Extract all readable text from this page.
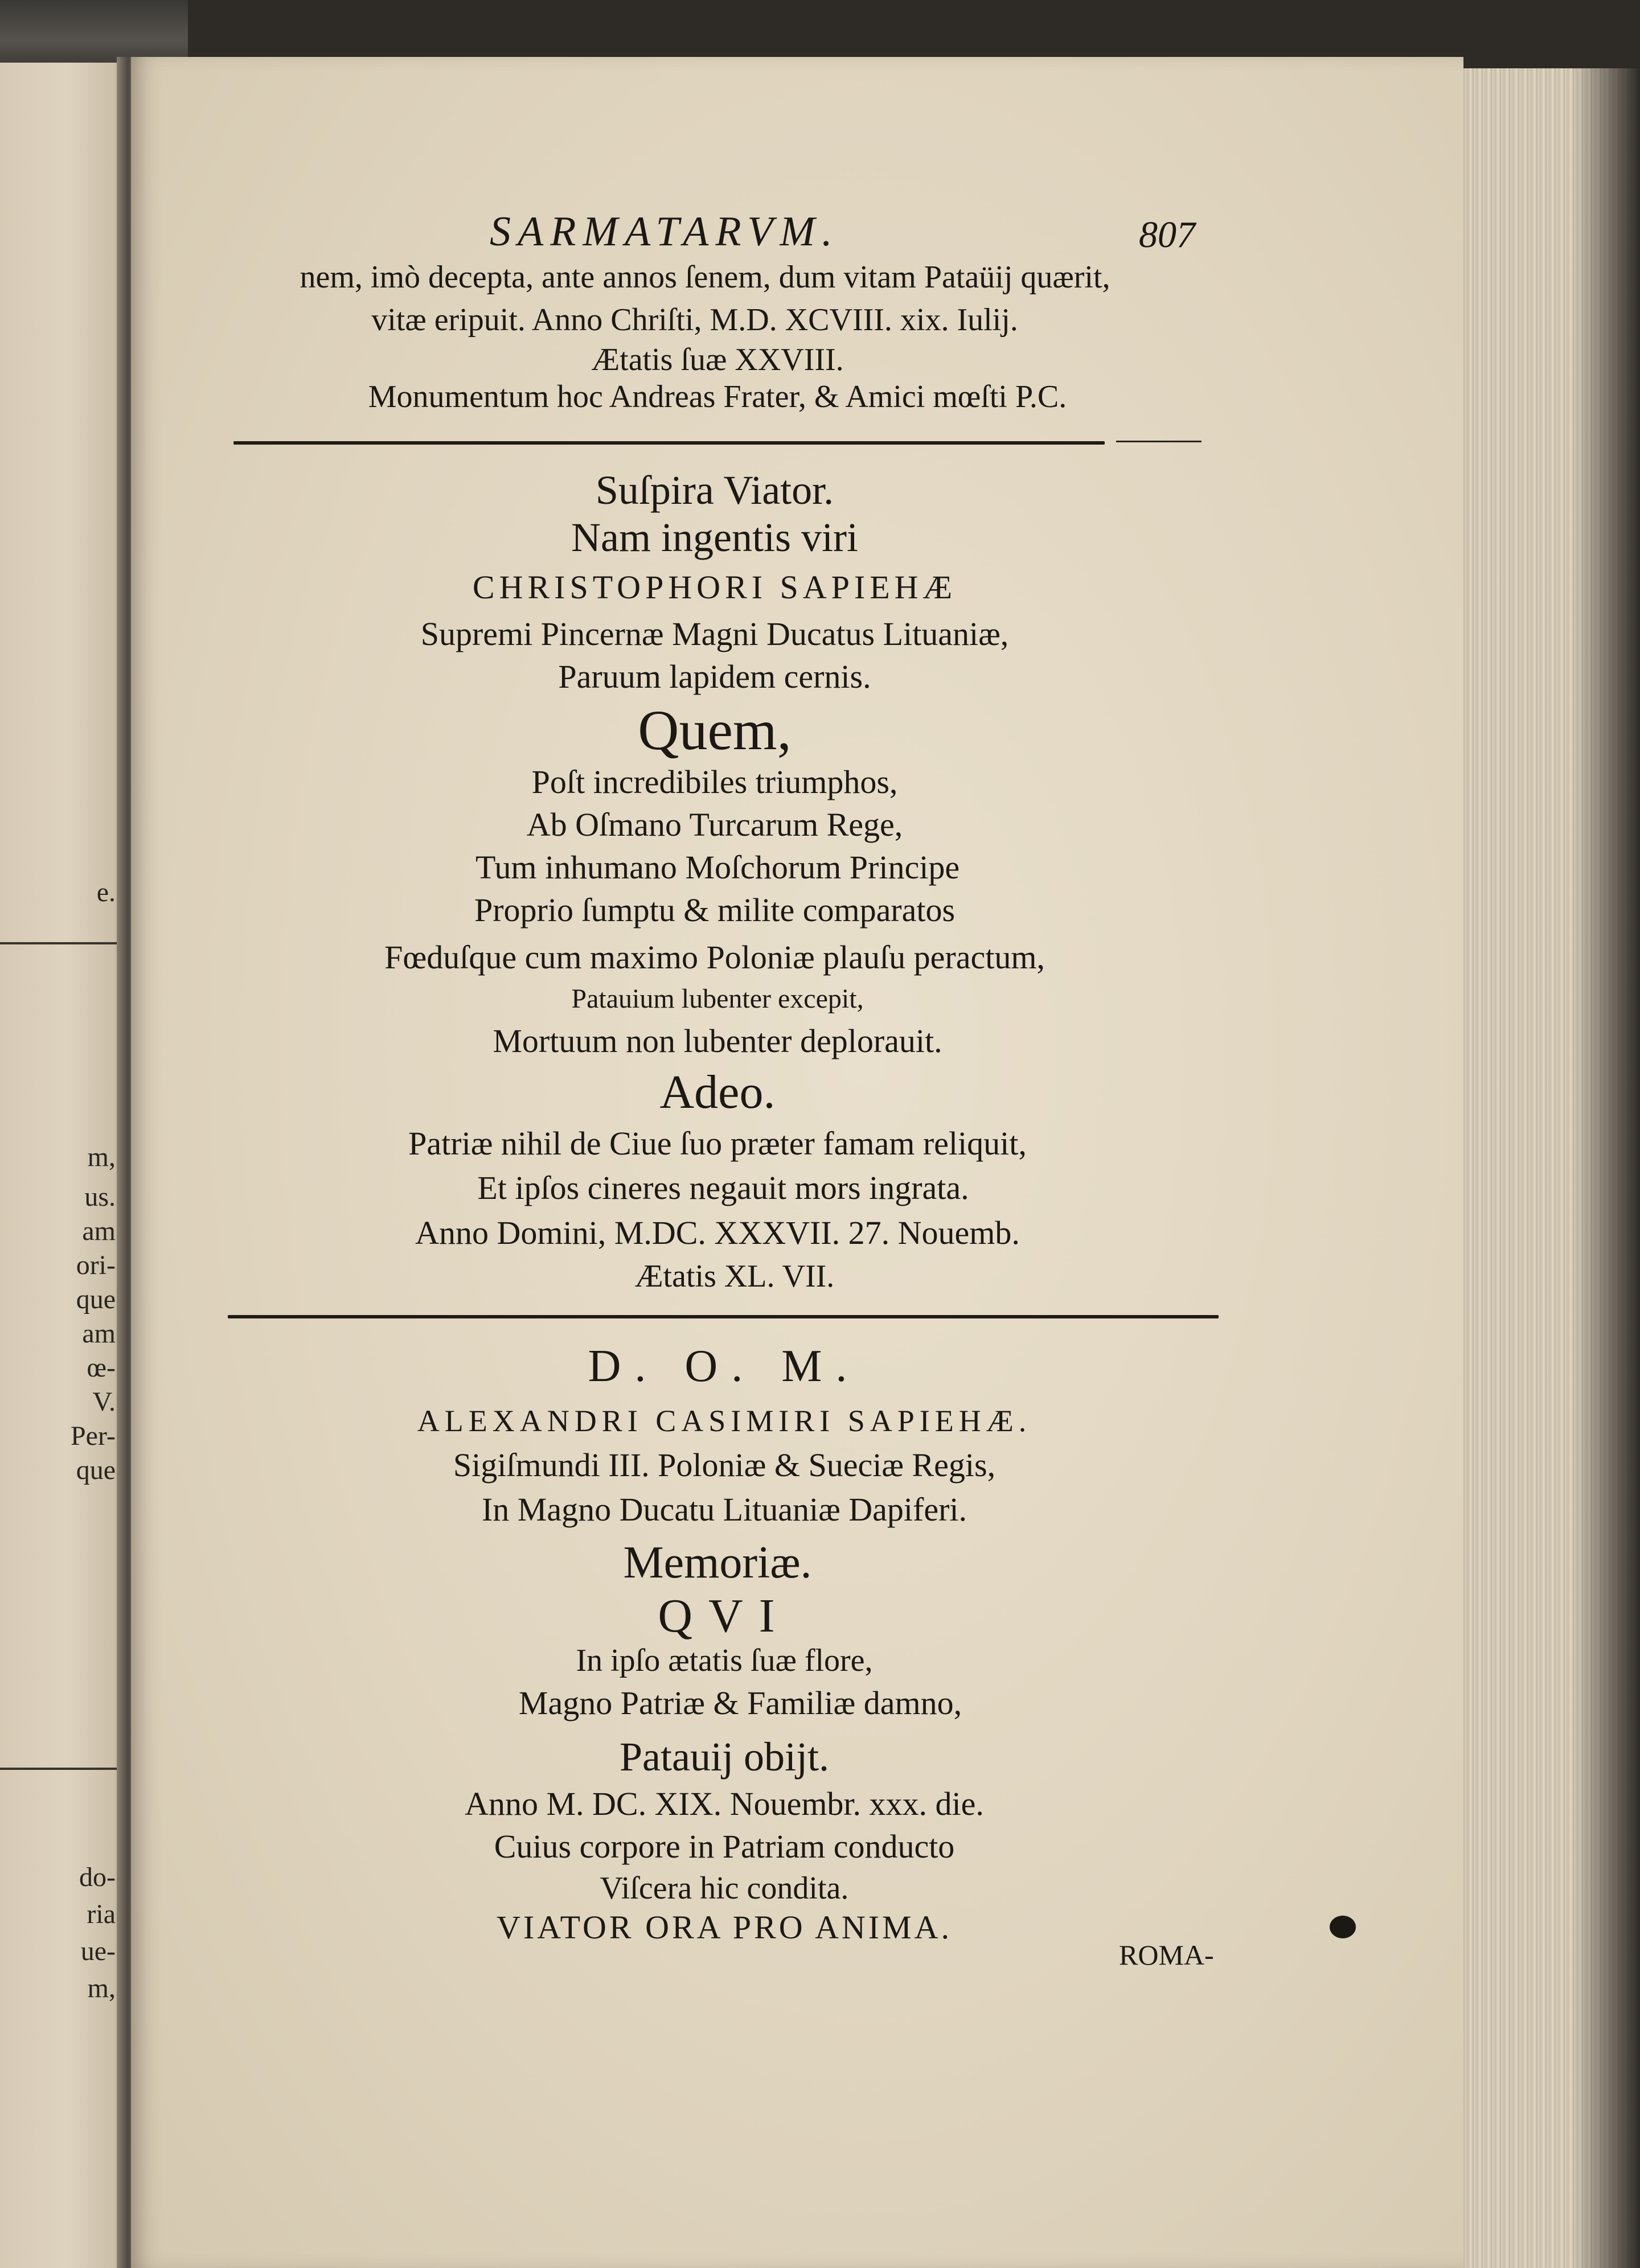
e.
m,
us.
am
ori-
que
am
œ-
V.
Per-
que
do-
ria
ue-
m,
SARMATARVM.	807
nem, imò decepta, ante annos ſenem, dum vitam Pataüij quærit,
vitæ eripuit. Anno Chriſti, M.D. XCVIII. xix. Iulij.
Ætatis ſuæ XXVIII.
Monumentum hoc Andreas Frater, & Amici mœſti P.C.
Suſpira Viator.
Nam ingentis viri
CHRISTOPHORI SAPIEHÆ
Supremi Pincernæ Magni Ducatus Lituaniæ,
Paruum lapidem cernis.
Quem,
Poſt incredibiles triumphos,
Ab Oſmano Turcarum Rege,
Tum inhumano Moſchorum Principe
Proprio ſumptu & milite comparatos
Fœduſque cum maximo Poloniæ plauſu peractum,
Patauium lubenter excepit,
Mortuum non lubenter deplorauit.
Adeo.
Patriæ nihil de Ciue ſuo præter famam reliquit,
Et ipſos cineres negauit mors ingrata.
Anno Domini, M.DC. XXXVII. 27. Nouemb.
Ætatis XL. VII.
D. O. M.
ALEXANDRI CASIMIRI SAPIEHÆ.
Sigiſmundi III. Poloniæ & Sueciæ Regis,
In Magno Ducatu Lituaniæ Dapiferi.
Memoriæ.
QVI
In ipſo ætatis ſuæ flore,
Magno Patriæ & Familiæ damno,
Patauij obijt.
Anno M. DC. XIX. Nouembr. xxx. die.
Cuius corpore in Patriam conducto
Viſcera hic condita.
VIATOR ORA PRO ANIMA.
ROMA-
